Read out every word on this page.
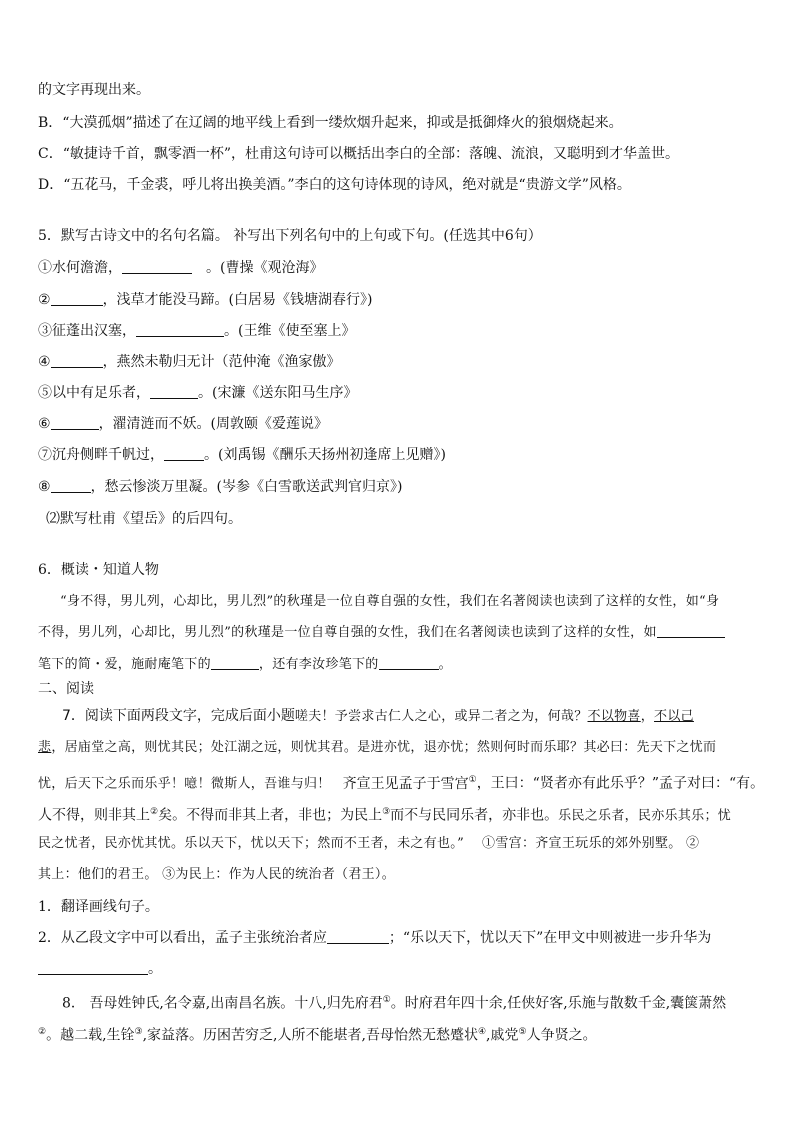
的文字再现出来。
B．“大漠孤烟”描述了在辽阔的地平线上看到一缕炊烟升起来，抑或是抵御烽火的狼烟烧起来。
C．“敏捷诗千首，飘零酒一杯”，杜甫这句诗可以概括出李白的全部：落魄、流浪，又聪明到才华盖世。
D．“五花马，千金裘，呼儿将出换美酒。”李白的这句诗体现的诗风，绝对就是“贵游文学”风格。
5．默写古诗文中的名句名篇。 补写出下列名句中的上句或下句。(任选其中6句）
①水何澹澹，	。(曹操《观沧海》
②	，浅草才能没马蹄。(白居易《钱塘湖春行》)
③征蓬出汉塞，	。(王维《使至塞上》
④	，燕然未勒归无计（范仲淹《渔家傲》
⑤以中有足乐者，	。(宋濂《送东阳马生序》
⑥	，濯清涟而不妖。(周敦颐《爱莲说》
⑦沉舟侧畔千帆过，	。(刘禹锡《酬乐天扬州初逢席上见赠》)
⑧	，愁云惨淡万里凝。(岑参《白雪歌送武判官归京》)
⑵默写杜甫《望岳》的后四句。
6．概读・知道人物
“身不得，男儿列，心却比，男儿烈”的秋瑾是一位自尊自强的女性，我们在名著阅读也读到了这样的女性，如“身
不得，男儿列，心却比，男儿烈”的秋瑾是一位自尊自强的女性，我们在名著阅读也读到了这样的女性，如
笔下的简・爱，施耐庵笔下的	，还有李汝珍笔下的	。
二、阅读
7．阅读下面两段文字，完成后面小题嗟夫！予尝求古仁人之心，或异二者之为，何哉？不以物喜，不以己
悲，居庙堂之高，则忧其民；处江湖之远，则忧其君。是进亦忧，退亦忧；然则何时而乐耶？其必曰：先天下之忧而
忧，后天下之乐而乐乎！噫！微斯人，吾谁与归！ 齐宣王见孟子于雪宫①，王曰：“贤者亦有此乐乎？”孟子对曰：“有。
人不得，则非其上②矣。不得而非其上者，非也；为民上③而不与民同乐者，亦非也。乐民之乐者，民亦乐其乐；忧
民之忧者，民亦忧其忧。乐以天下，忧以天下；然而不王者，未之有也。” ①雪宫：齐宣王玩乐的郊外别墅。 ②
其上：他们的君王。 ③为民上：作为人民的统治者（君王）。
1．翻译画线句子。
2．从乙段文字中可以看出，孟子主张统治者应	；“乐以天下，忧以天下”在甲文中则被进一步升华为
。
8． 吾母姓钟氏,名令嘉,出南昌名族。十八,归先府君①。时府君年四十余,任侠好客,乐施与散数千金,囊箧萧然
②。越二载,生铨③,家益落。历困苦穷乏,人所不能堪者,吾母怡然无愁蹙状④,戚党⑤人争贤之。
